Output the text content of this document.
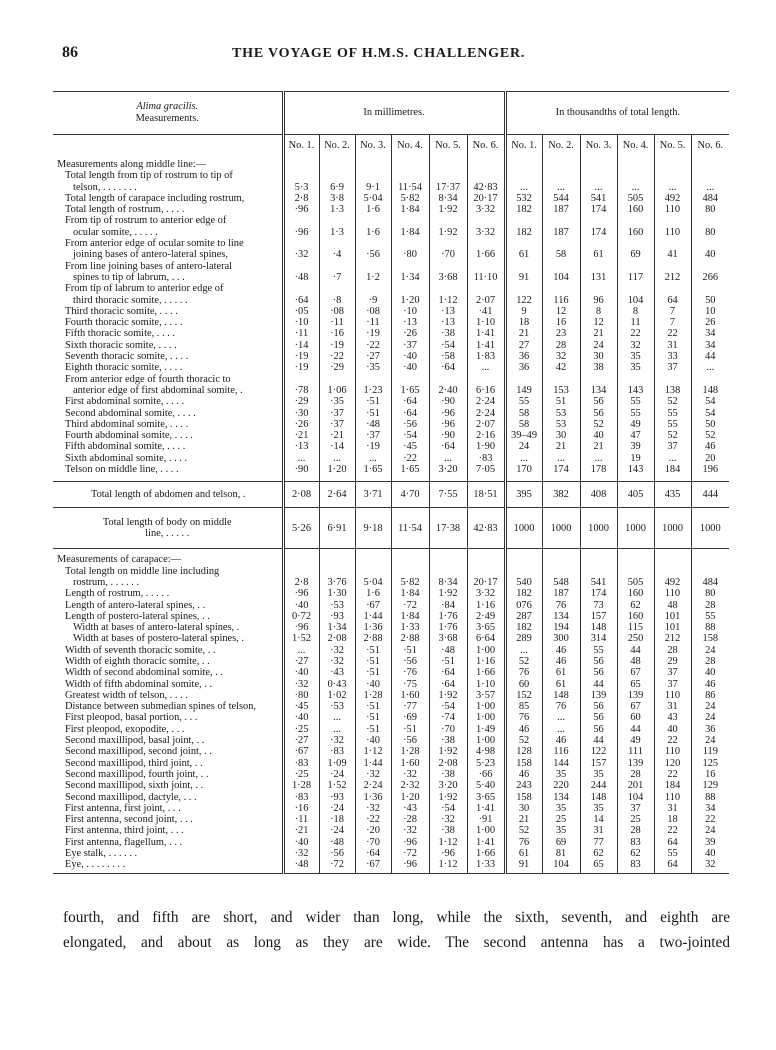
86	THE VOYAGE OF H.M.S. CHALLENGER.
Alima gracilis.
Measurements.	In millimetres.						In thousandths of total length.					
	No. 1.	No. 2.	No. 3.	No. 4.	No. 5.	No. 6.	No. 1.	No. 2.	No. 3.	No. 4.	No. 5.	No. 6.

Measurements along middle line:—												
Total length from tip of rostrum to tip of												
telson, . . . . . . .	5·3	6·9	9·1	11·54	17·37	42·83	...	...	...	...	...	...
Total length of carapace including rostrum,	2·8	3·8	5·04	5·82	8·34	20·17	532	544	541	505	492	484
Total length of rostrum, . . . .	·96	1·3	1·6	1·84	1·92	3·32	182	187	174	160	110	80
From tip of rostrum to anterior edge of												
ocular somite, . . . . .	·96	1·3	1·6	1·84	1·92	3·32	182	187	174	160	110	80
From anterior edge of ocular somite to line												
joining bases of antero-lateral spines,	·32	·4	·56	·80	·70	1·66	61	58	61	69	41	40
From line joining bases of antero-lateral												
spines to tip of labrum, . . .	·48	·7	1·2	1·34	3·68	11·10	91	104	131	117	212	266
From tip of labrum to anterior edge of												
third thoracic somite, . . . . .	·64	·8	·9	1·20	1·12	2·07	122	116	96	104	64	50
Third thoracic somite, . . . .	·05	·08	·08	·10	·13	·41	9	12	8	8	7	10
Fourth thoracic somite, . . . .	·10	·11	·11	·13	·13	1·10	18	16	12	11	7	26
Fifth thoracic somite, . . . .	·11	·16	·19	·26	·38	1·41	21	23	21	22	22	34
Sixth thoracic somite, . . . .	·14	·19	·22	·37	·54	1·41	27	28	24	32	31	34
Seventh thoracic somite, . . . .	·19	·22	·27	·40	·58	1·83	36	32	30	35	33	44
Eighth thoracic somite, . . . .	·19	·29	·35	·40	·64	...	36	42	38	35	37	...
From anterior edge of fourth thoracic to												
anterior edge of first abdominal somite, .	·78	1·06	1·23	1·65	2·40	6·16	149	153	134	143	138	148
First abdominal somite, . . . .	·29	·35	·51	·64	·90	2·24	55	51	56	55	52	54
Second abdominal somite, . . . .	·30	·37	·51	·64	·96	2·24	58	53	56	55	55	54
Third abdominal somite, . . . .	·26	·37	·48	·56	·96	2·07	58	53	52	49	55	50
Fourth abdominal somite, . . . .	·21	·21	·37	·54	·90	2·16	39–49	30	40	47	52	52
Fifth abdominal somite, . . . .	·13	·14	·19	·45	·64	1·90	24	21	21	39	37	46
Sixth abdominal somite, . . . .	...	...	...	·22	...	·83	...	...	...	19	...	20
Telson on middle line, . . . .	·90	1·20	1·65	1·65	3·20	7·05	170	174	178	143	184	196

Total length of abdomen and telson, .	2·08	2·64	3·71	4·70	7·55	18·51	395	382	408	405	435	444

Total length of body on middle
line, . . . . .	5·26	6·91	9·18	11·54	17·38	42·83	1000	1000	1000	1000	1000	1000

Measurements of carapace:—												
Total length on middle line including												
rostrum, . . . . . .	2·8	3·76	5·04	5·82	8·34	20·17	540	548	541	505	492	484
Length of rostrum, . . . . .	·96	1·30	1·6	1·84	1·92	3·32	182	187	174	160	110	80
Length of antero-lateral spines, . .	·40	·53	·67	·72	·84	1·16	076	76	73	62	48	28
Length of postero-lateral spines, . .	0·72	·93	1·44	1·84	1·76	2·49	287	134	157	160	101	55
Width at bases of antero-lateral spines, .	·96	1·34	1·36	1·33	1·76	3·65	182	194	148	115	101	88
Width at bases of postero-lateral spines, .	1·52	2·08	2·88	2·88	3·68	6·64	289	300	314	250	212	158
Width of seventh thoracic somite, . .	...	·32	·51	·51	·48	1·00	...	46	55	44	28	24
Width of eighth thoracic somite, . .	·27	·32	·51	·56	·51	1·16	52	46	56	48	29	28
Width of second abdominal somite, . .	·40	·43	·51	·76	·64	1·66	76	61	56	67	37	40
Width of fifth abdominal somite, . .	·32	0·43	·40	·75	·64	1·10	60	61	44	65	37	46
Greatest width of telson, . . . .	·80	1·02	1·28	1·60	1·92	3·57	152	148	139	139	110	86
Distance between submedian spines of telson,	·45	·53	·51	·77	·54	1·00	85	76	56	67	31	24
First pleopod, basal portion, . . .	·40	...	·51	·69	·74	1·00	76	...	56	60	43	24
First pleopod, exopodite, . . .	·25	...	·51	·51	·70	1·49	46	...	56	44	40	36
Second maxillipod, basal joint, . .	·27	·32	·40	·56	·38	1·00	52	46	44	49	22	24
Second maxillipod, second joint, . .	·67	·83	1·12	1·28	1·92	4·98	128	116	122	111	110	119
Second maxillipod, third joint, . .	·83	1·09	1·44	1·60	2·08	5·23	158	144	157	139	120	125
Second maxillipod, fourth joint, . .	·25	·24	·32	·32	·38	·66	46	35	35	28	22	16
Second maxillipod, sixth joint, . .	1·28	1·52	2·24	2·32	3·20	5·40	243	220	244	201	184	129
Second maxillipod, dactyle, . . .	·83	·93	1·36	1·20	1·92	3·65	158	134	148	104	110	88
First antenna, first joint, . . .	·16	·24	·32	·43	·54	1·41	30	35	35	37	31	34
First antenna, second joint, . . .	·11	·18	·22	·28	·32	·91	21	25	14	25	18	22
First antenna, third joint, . . .	·21	·24	·20	·32	·38	1·00	52	35	31	28	22	24
First antenna, flagellum, . . .	·40	·48	·70	·96	1·12	1·41	76	69	77	83	64	39
Eye stalk, . . . . . .	·32	·56	·64	·72	·96	1·66	61	81	62	62	55	40
Eye, . . . . . . . .	·48	·72	·67	·96	1·12	1·33	91	104	65	83	64	32
fourth, and fifth are short, and wider than long, while the sixth, seventh, and eighth are
elongated, and about as long as they are wide. The second antenna has a two-jointed
